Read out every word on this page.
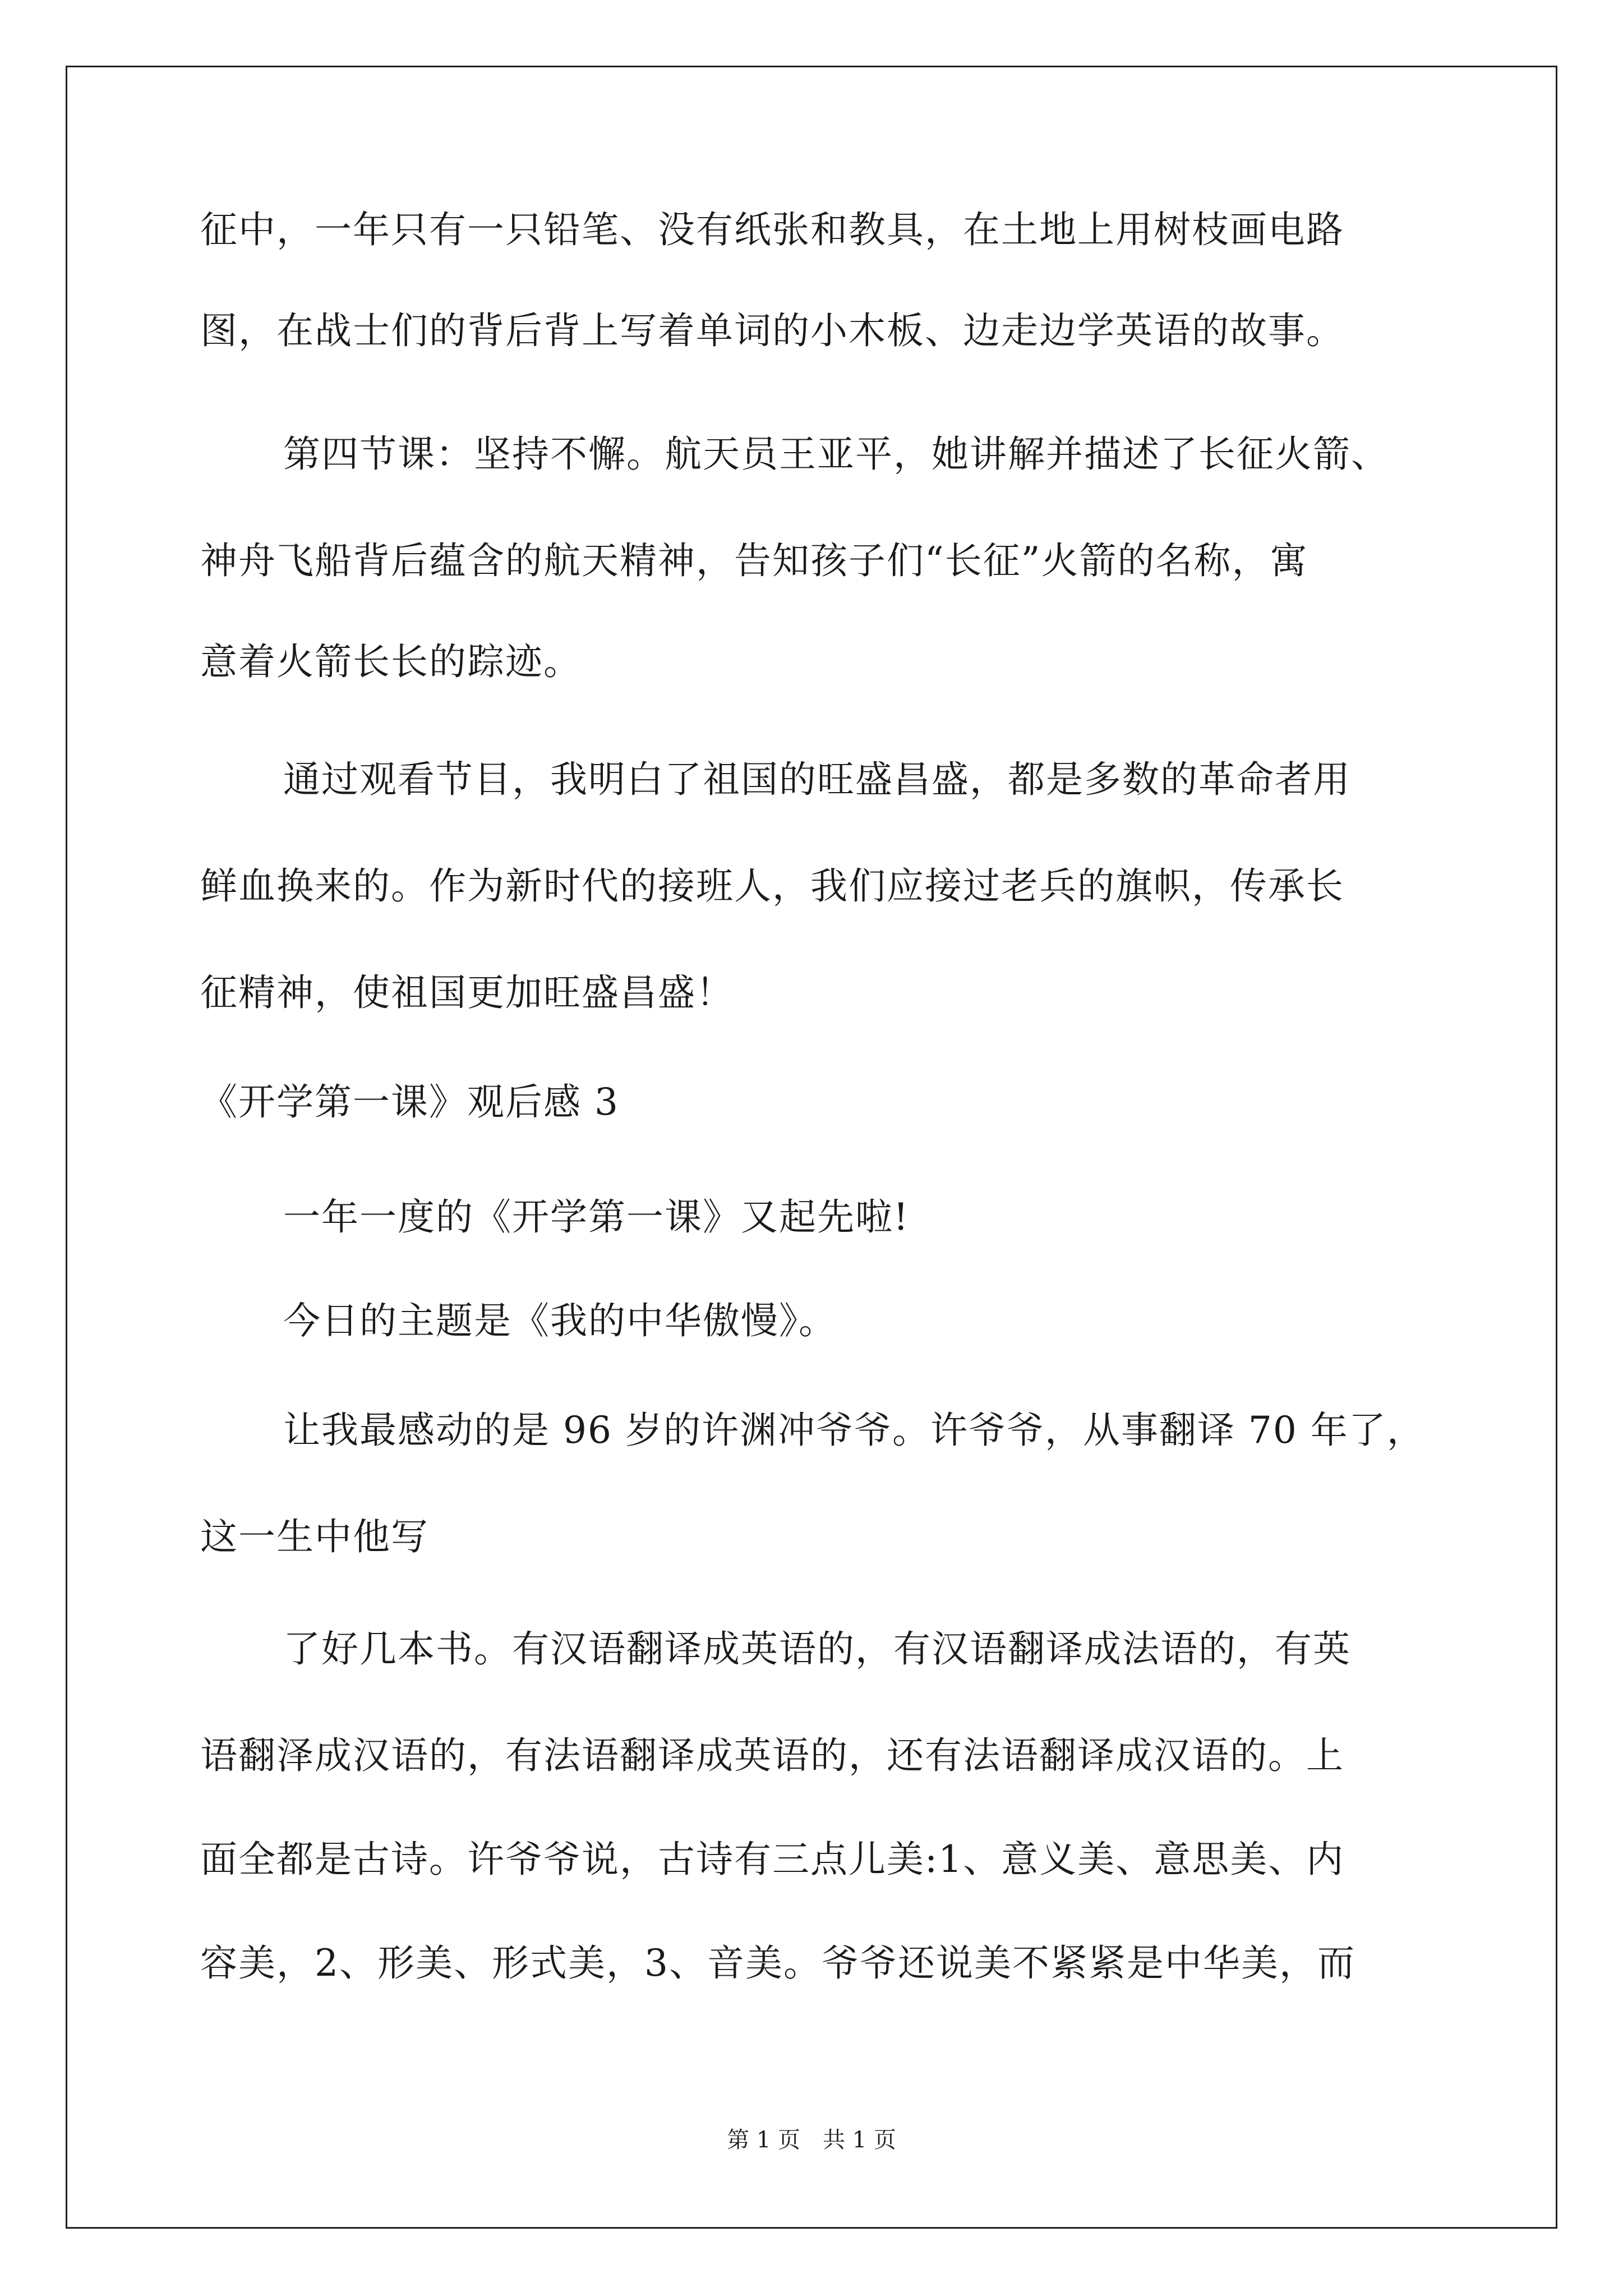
征中，一年只有一只铅笔、没有纸张和教具，在土地上用树枝画电路
图，在战士们的背后背上写着单词的小木板、边走边学英语的故事。
第四节课：坚持不懈。航天员王亚平，她讲解并描述了长征火箭、
神舟飞船背后蕴含的航天精神，告知孩子们“长征”火箭的名称，寓
意着火箭长长的踪迹。
通过观看节目，我明白了祖国的旺盛昌盛，都是多数的革命者用
鲜血换来的。作为新时代的接班人，我们应接过老兵的旗帜，传承长
征精神，使祖国更加旺盛昌盛！
《开学第一课》观后感 3
一年一度的《开学第一课》又起先啦!
今日的主题是《我的中华傲慢》。
让我最感动的是 96 岁的许渊冲爷爷。许爷爷，从事翻译 70 年了，
这一生中他写
了好几本书。有汉语翻译成英语的，有汉语翻译成法语的，有英
语翻泽成汉语的，有法语翻译成英语的，还有法语翻译成汉语的。上
面全都是古诗。许爷爷说，古诗有三点儿美:1、意义美、意思美、内
容美，2、形美、形式美，3、音美。爷爷还说美不紧紧是中华美，而
第 1 页　共 1 页
